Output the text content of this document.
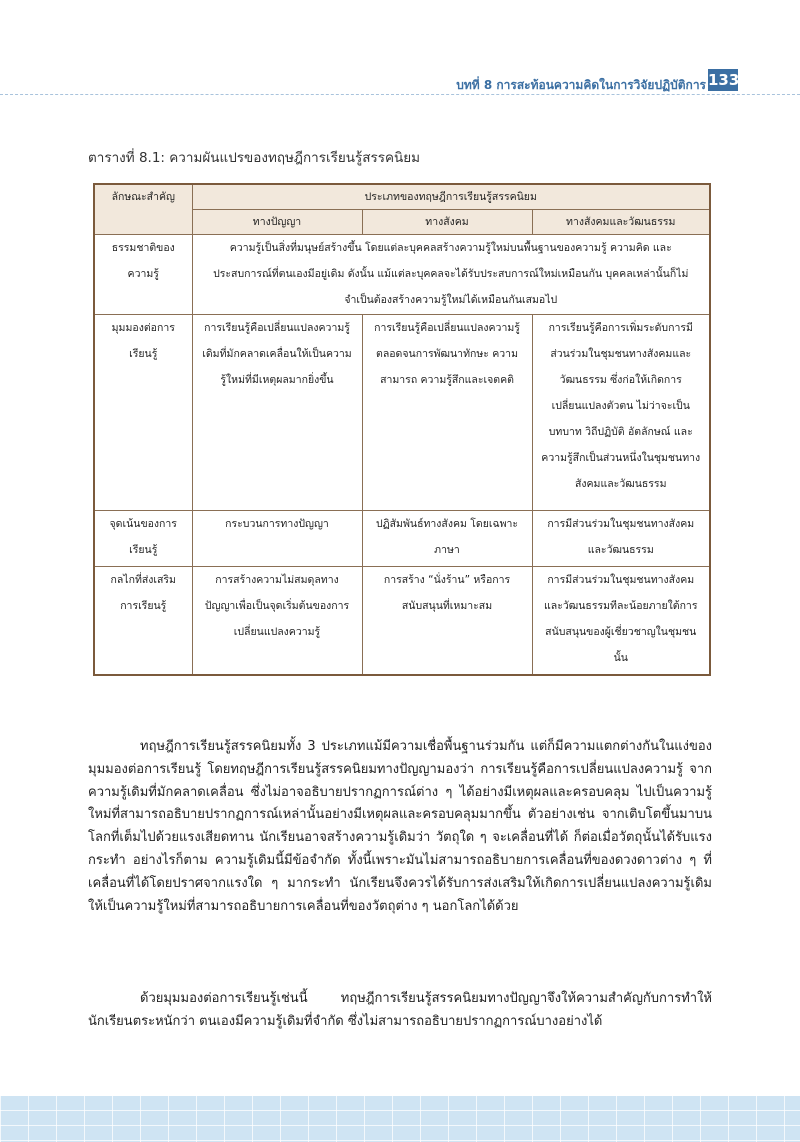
บทที่ 8 การสะท้อนความคิดในการวิจัยปฏิบัติการ 133
ตารางที่ 8.1: ความผันแปรของทฤษฎีการเรียนรู้สรรคนิยม
ลักษณะสำคัญ	ประเภทของทฤษฎีการเรียนรู้สรรคนิยม		
	ทางปัญญา	ทางสังคม	ทางสังคมและวัฒนธรรม

ธรรมชาติของความรู้	ความรู้เป็นสิ่งที่มนุษย์สร้างขึ้น โดยแต่ละบุคคลสร้างความรู้ใหม่บนพื้นฐานของความรู้ ความคิด และประสบการณ์ที่ตนเองมีอยู่เดิม ดังนั้น แม้แต่ละบุคคลจะได้รับประสบการณ์ใหม่เหมือนกัน บุคคลเหล่านั้นก็ไม่จำเป็นต้องสร้างความรู้ใหม่ได้เหมือนกันเสมอไป		

มุมมองต่อการเรียนรู้	การเรียนรู้คือเปลี่ยนแปลงความรู้เดิมที่มักคลาดเคลื่อนให้เป็นความรู้ใหม่ที่มีเหตุผลมากยิ่งขึ้น	การเรียนรู้คือเปลี่ยนแปลงความรู้ ตลอดจนการพัฒนาทักษะ ความสามารถ ความรู้สึกและเจตคติ	การเรียนรู้คือการเพิ่มระดับการมีส่วนร่วมในชุมชนทางสังคมและวัฒนธรรม ซึ่งก่อให้เกิดการเปลี่ยนแปลงตัวตน ไม่ว่าจะเป็นบทบาท วิถีปฏิบัติ อัตลักษณ์ และความรู้สึกเป็นส่วนหนึ่งในชุมชนทางสังคมและวัฒนธรรม

จุดเน้นของการเรียนรู้	กระบวนการทางปัญญา	ปฏิสัมพันธ์ทางสังคม โดยเฉพาะภาษา	การมีส่วนร่วมในชุมชนทางสังคมและวัฒนธรรม

กลไกที่ส่งเสริมการเรียนรู้	การสร้างความไม่สมดุลทางปัญญาเพื่อเป็นจุดเริ่มต้นของการเปลี่ยนแปลงความรู้	การสร้าง “นั่งร้าน” หรือการสนับสนุนที่เหมาะสม	การมีส่วนร่วมในชุมชนทางสังคมและวัฒนธรรมทีละน้อยภายใต้การสนับสนุนของผู้เชี่ยวชาญในชุมชนนั้น
ทฤษฎีการเรียนรู้สรรคนิยมทั้ง 3 ประเภทแม้มีความเชื่อพื้นฐานร่วมกัน แต่ก็มีความแตกต่างกันในแง่ของมุมมองต่อการเรียนรู้ โดยทฤษฎีการเรียนรู้สรรคนิยมทางปัญญามองว่า การเรียนรู้คือการเปลี่ยนแปลงความรู้ จากความรู้เดิมที่มักคลาดเคลื่อน ซึ่งไม่อาจอธิบายปรากฏการณ์ต่าง ๆ ได้อย่างมีเหตุผลและครอบคลุม ไปเป็นความรู้ใหม่ที่สามารถอธิบายปรากฏการณ์เหล่านั้นอย่างมีเหตุผลและครอบคลุมมากขึ้น ตัวอย่างเช่น จากเติบโตขึ้นมาบนโลกที่เต็มไปด้วยแรงเสียดทาน นักเรียนอาจสร้างความรู้เดิมว่า วัตถุใด ๆ จะเคลื่อนที่ได้ ก็ต่อเมื่อวัตถุนั้นได้รับแรงกระทำ อย่างไรก็ตาม ความรู้เดิมนี้มีข้อจำกัด ทั้งนี้เพราะมันไม่สามารถอธิบายการเคลื่อนที่ของดวงดาวต่าง ๆ ที่เคลื่อนที่ได้โดยปราศจากแรงใด ๆ มากระทำ นักเรียนจึงควรได้รับการส่งเสริมให้เกิดการเปลี่ยนแปลงความรู้เดิมให้เป็นความรู้ใหม่ที่สามารถอธิบายการเคลื่อนที่ของวัตถุต่าง ๆ นอกโลกได้ด้วย
ด้วยมุมมองต่อการเรียนรู้เช่นนี้ ทฤษฎีการเรียนรู้สรรคนิยมทางปัญญาจึงให้ความสำคัญกับการทำให้นักเรียนตระหนักว่า ตนเองมีความรู้เดิมที่จำกัด ซึ่งไม่สามารถอธิบายปรากฏการณ์บางอย่างได้
